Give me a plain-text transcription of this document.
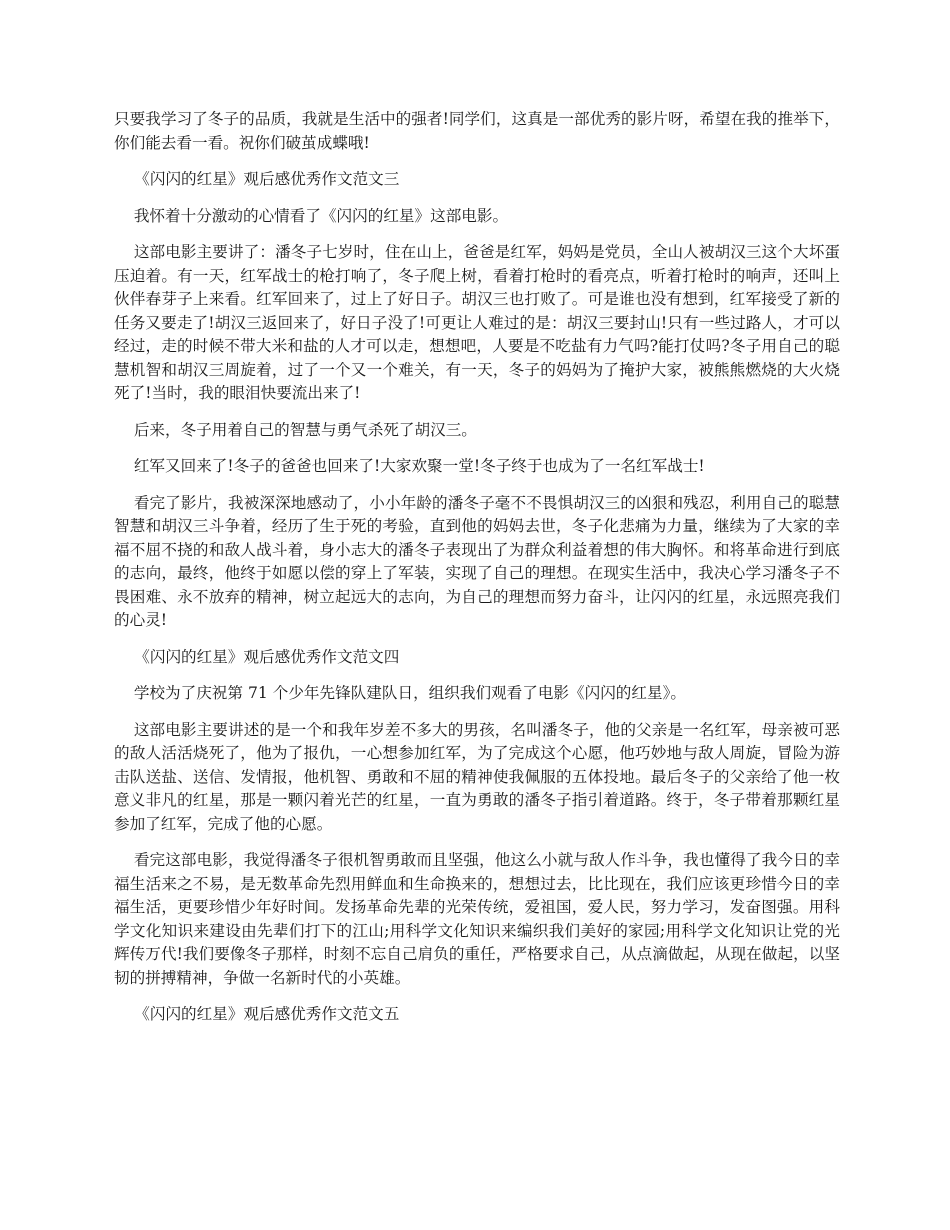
只要我学习了冬子的品质，我就是生活中的强者!同学们，这真是一部优秀的影片呀，希望在我的推举下，你们能去看一看。祝你们破茧成蝶哦!

《闪闪的红星》观后感优秀作文范文三

我怀着十分激动的心情看了《闪闪的红星》这部电影。

这部电影主要讲了：潘冬子七岁时，住在山上，爸爸是红军，妈妈是党员，全山人被胡汉三这个大坏蛋压迫着。有一天，红军战士的枪打响了，冬子爬上树，看着打枪时的看亮点，听着打枪时的响声，还叫上伙伴春芽子上来看。红军回来了，过上了好日子。胡汉三也打败了。可是谁也没有想到，红军接受了新的任务又要走了!胡汉三返回来了，好日子没了!可更让人难过的是：胡汉三要封山!只有一些过路人，才可以经过，走的时候不带大米和盐的人才可以走，想想吧，人要是不吃盐有力气吗?能打仗吗?冬子用自己的聪慧机智和胡汉三周旋着，过了一个又一个难关，有一天，冬子的妈妈为了掩护大家，被熊熊燃烧的大火烧死了!当时，我的眼泪快要流出来了!

后来，冬子用着自己的智慧与勇气杀死了胡汉三。

红军又回来了!冬子的爸爸也回来了!大家欢聚一堂!冬子终于也成为了一名红军战士!

看完了影片，我被深深地感动了，小小年龄的潘冬子毫不不畏惧胡汉三的凶狠和残忍，利用自己的聪慧智慧和胡汉三斗争着，经历了生于死的考验，直到他的妈妈去世，冬子化悲痛为力量，继续为了大家的幸福不屈不挠的和敌人战斗着，身小志大的潘冬子表现出了为群众利益着想的伟大胸怀。和将革命进行到底的志向，最终，他终于如愿以偿的穿上了军装，实现了自己的理想。在现实生活中，我决心学习潘冬子不畏困难、永不放弃的精神，树立起远大的志向，为自己的理想而努力奋斗，让闪闪的红星，永远照亮我们的心灵!

《闪闪的红星》观后感优秀作文范文四

学校为了庆祝第 71 个少年先锋队建队日，组织我们观看了电影《闪闪的红星》。

这部电影主要讲述的是一个和我年岁差不多大的男孩，名叫潘冬子，他的父亲是一名红军，母亲被可恶的敌人活活烧死了，他为了报仇，一心想参加红军，为了完成这个心愿，他巧妙地与敌人周旋，冒险为游击队送盐、送信、发情报，他机智、勇敢和不屈的精神使我佩服的五体投地。最后冬子的父亲给了他一枚意义非凡的红星，那是一颗闪着光芒的红星，一直为勇敢的潘冬子指引着道路。终于，冬子带着那颗红星参加了红军，完成了他的心愿。

看完这部电影，我觉得潘冬子很机智勇敢而且坚强，他这么小就与敌人作斗争，我也懂得了我今日的幸福生活来之不易，是无数革命先烈用鲜血和生命换来的，想想过去，比比现在，我们应该更珍惜今日的幸福生活，更要珍惜少年好时间。发扬革命先辈的光荣传统，爱祖国，爱人民，努力学习，发奋图强。用科学文化知识来建设由先辈们打下的江山;用科学文化知识来编织我们美好的家园;用科学文化知识让党的光辉传万代!我们要像冬子那样，时刻不忘自己肩负的重任，严格要求自己，从点滴做起，从现在做起，以坚韧的拼搏精神，争做一名新时代的小英雄。

《闪闪的红星》观后感优秀作文范文五
